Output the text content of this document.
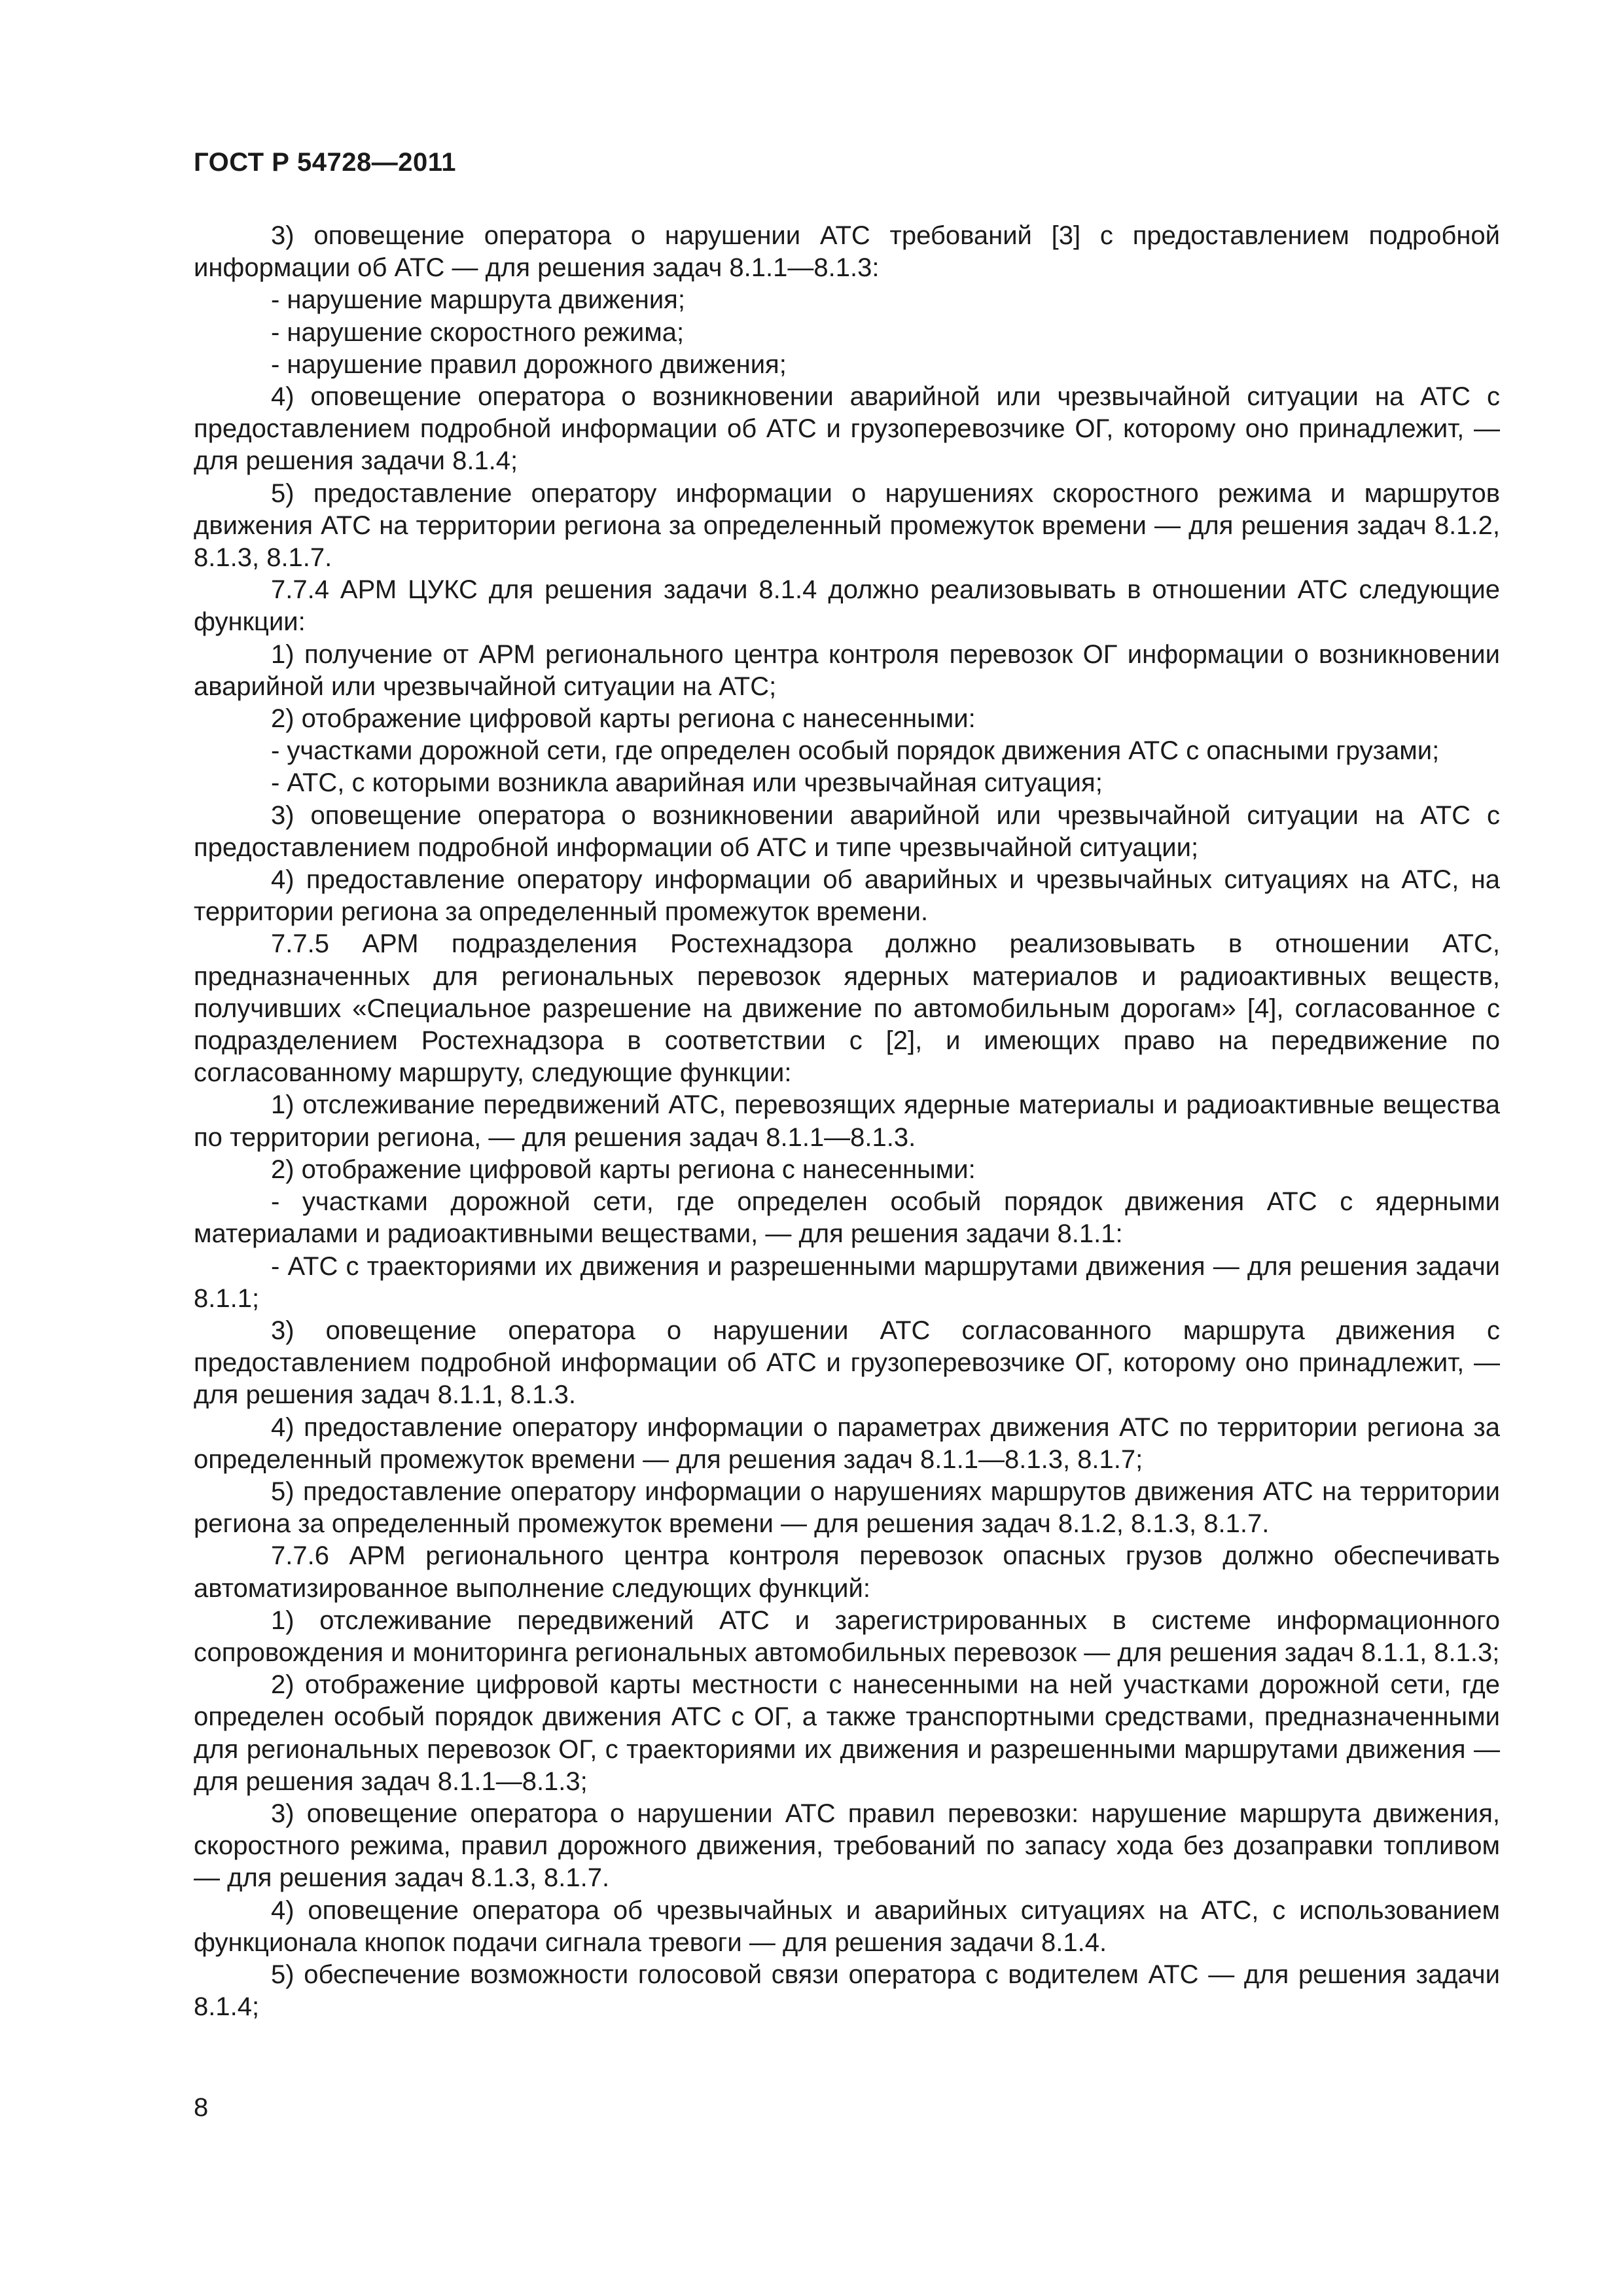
ГОСТ Р 54728—2011

3) оповещение оператора о нарушении АТС требований [3] с предоставлением подробной информации об АТС — для решения задач 8.1.1—8.1.3:

- нарушение маршрута движения;

- нарушение скоростного режима;

- нарушение правил дорожного движения;

4) оповещение оператора о возникновении аварийной или чрезвычайной ситуации на АТС с предоставлением подробной информации об АТС и грузоперевозчике ОГ, которому оно принадлежит, — для решения задачи 8.1.4;

5) предоставление оператору информации о нарушениях скоростного режима и маршрутов движения АТС на территории региона за определенный промежуток времени — для решения задач 8.1.2, 8.1.3, 8.1.7.

7.7.4 АРМ ЦУКС для решения задачи 8.1.4 должно реализовывать в отношении АТС следующие функции:

1) получение от АРМ регионального центра контроля перевозок ОГ информации о возникновении аварийной или чрезвычайной ситуации на АТС;

2) отображение цифровой карты региона с нанесенными:

- участками дорожной сети, где определен особый порядок движения АТС с опасными грузами;

- АТС, с которыми возникла аварийная или чрезвычайная ситуация;

3) оповещение оператора о возникновении аварийной или чрезвычайной ситуации на АТС с предоставлением подробной информации об АТС и типе чрезвычайной ситуации;

4) предоставление оператору информации об аварийных и чрезвычайных ситуациях на АТС, на территории региона за определенный промежуток времени.

7.7.5 АРМ подразделения Ростехнадзора должно реализовывать в отношении АТС, предназначенных для региональных перевозок ядерных материалов и радиоактивных веществ, получивших «Специальное разрешение на движение по автомобильным дорогам» [4], согласованное с подразделением Ростехнадзора в соответствии с [2], и имеющих право на передвижение по согласованному маршруту, следующие функции:

1) отслеживание передвижений АТС, перевозящих ядерные материалы и радиоактивные вещества по территории региона, — для решения задач 8.1.1—8.1.3.

2) отображение цифровой карты региона с нанесенными:

- участками дорожной сети, где определен особый порядок движения АТС с ядерными материалами и радиоактивными веществами, — для решения задачи 8.1.1:

- АТС с траекториями их движения и разрешенными маршрутами движения — для решения задачи 8.1.1;

3) оповещение оператора о нарушении АТС согласованного маршрута движения с предоставлением подробной информации об АТС и грузоперевозчике ОГ, которому оно принадлежит, — для решения задач 8.1.1, 8.1.3.

4) предоставление оператору информации о параметрах движения АТС по территории региона за определенный промежуток времени — для решения задач 8.1.1—8.1.3, 8.1.7;

5) предоставление оператору информации о нарушениях маршрутов движения АТС на территории региона за определенный промежуток времени — для решения задач 8.1.2, 8.1.3, 8.1.7.

7.7.6 АРМ регионального центра контроля перевозок опасных грузов должно обеспечивать автоматизированное выполнение следующих функций:

1) отслеживание передвижений АТС и зарегистрированных в системе информационного сопровождения и мониторинга региональных автомобильных перевозок — для решения задач 8.1.1, 8.1.3;

2) отображение цифровой карты местности с нанесенными на ней участками дорожной сети, где определен особый порядок движения АТС с ОГ, а также транспортными средствами, предназначенными для региональных перевозок ОГ, с траекториями их движения и разрешенными маршрутами движения — для решения задач 8.1.1—8.1.3;

3) оповещение оператора о нарушении АТС правил перевозки: нарушение маршрута движения, скоростного режима, правил дорожного движения, требований по запасу хода без дозаправки топливом — для решения задач 8.1.3, 8.1.7.

4) оповещение оператора об чрезвычайных и аварийных ситуациях на АТС, с использованием функционала кнопок подачи сигнала тревоги — для решения задачи 8.1.4.

5) обеспечение возможности голосовой связи оператора с водителем АТС — для решения задачи 8.1.4;

8
